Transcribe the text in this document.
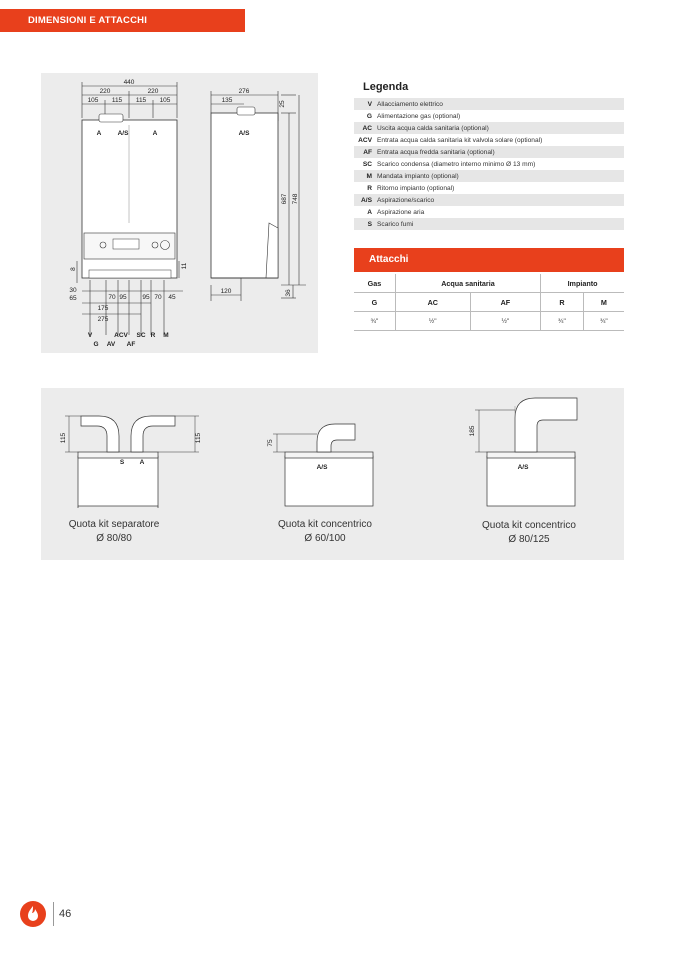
DIMENSIONI E ATTACCHI
440
220	220
105 115 115 105
A A/S	A	A/S
276
135
120
30
65	70 95 95 70 45
175
275
V	ACV SC R M
G AV AF
8	11
25
687 748
36
Legenda
V Allacciamento elettrico
G Alimentazione gas (optional)
AC Uscita acqua calda sanitaria (optional)
ACV Entrata acqua calda sanitaria kit valvola solare (optional)
AF Entrata acqua fredda sanitaria (optional)
SC Scarico condensa (diametro interno minimo Ø 13 mm)
M Mandata impianto (optional)
R Ritorno impianto (optional)
A/S Aspirazione/scarico
A Aspirazione aria
S Scarico fumi
Attacchi
Gas	Acqua sanitaria		Impianto	
G	AC	AF	R	M
¾"	½"	½"	¾"	¾"
115	115
S A
75
A/S
185
A/S
Quota kit separatore
Ø 80/80
Quota kit concentrico
Ø 60/100
Quota kit concentrico
Ø 80/125
46
